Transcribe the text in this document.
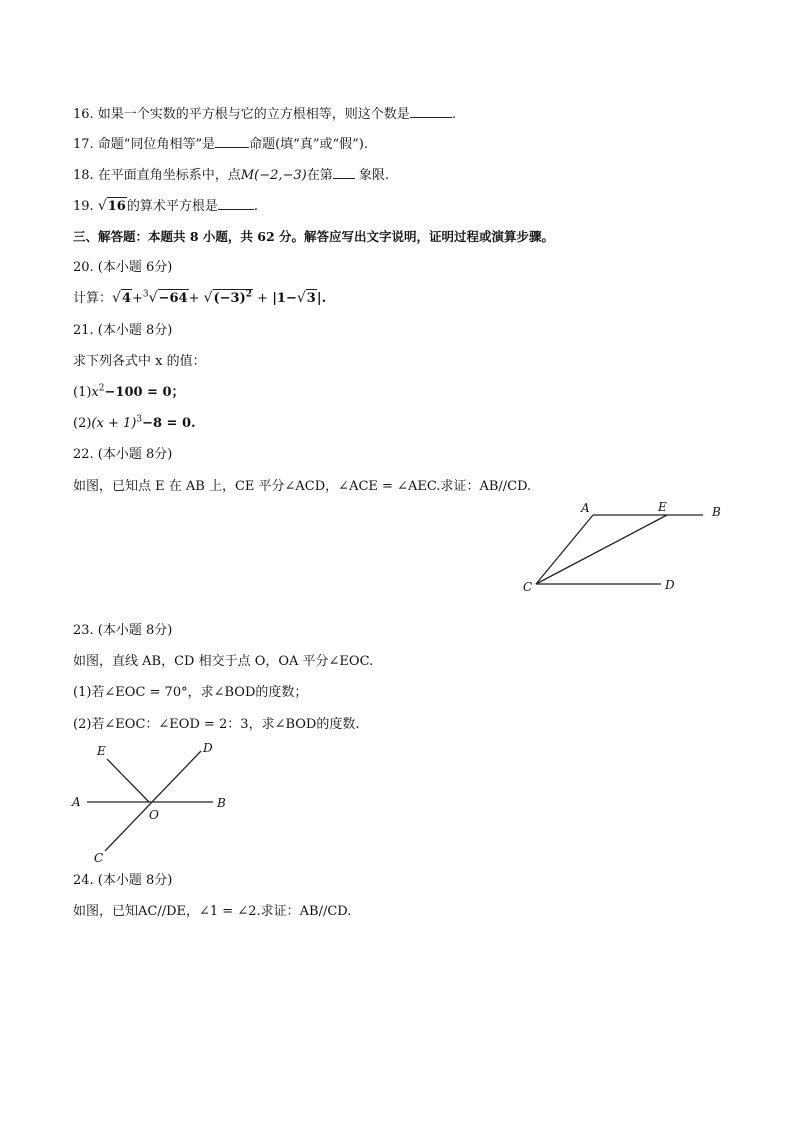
16. 如果一个实数的平方根与它的立方根相等，则这个数是	.
17. 命题“同位角相等”是	命题(填“真”或“假”).
18. 在平面直角坐标系中，点M(−2,−3)在第 象限.
19. √16的算术平方根是	.
三、解答题：本题共 8 小题，共 62 分。解答应写出文字说明，证明过程或演算步骤。
20. (本小题 6分)
计算：$√4+^3√-64+ √(-3)^2 + |1-√3|$.
21. (本小题 8分)
求下列各式中 x 的值：
$(1)x^2-100 = 0$；
$(2)(x + 1)^3-8 = 0$.
22. (本小题 8分)
如图，已知点 E 在 AB 上，CE 平分∠ACD，∠ACE = ∠AEC.求证：AB//CD.
A	E	B
C	D
23. (本小题 8分)
如图，直线 AB，CD 相交于点 O，OA 平分∠EOC.
(1)若∠EOC = 70°，求∠BOD的度数；
(2)若∠EOC：∠EOD = 2：3，求∠BOD的度数.
E	D
A
O
B
C
24. (本小题 8分)
如图，已知AC//DE，∠1 = ∠2.求证：AB//CD.
